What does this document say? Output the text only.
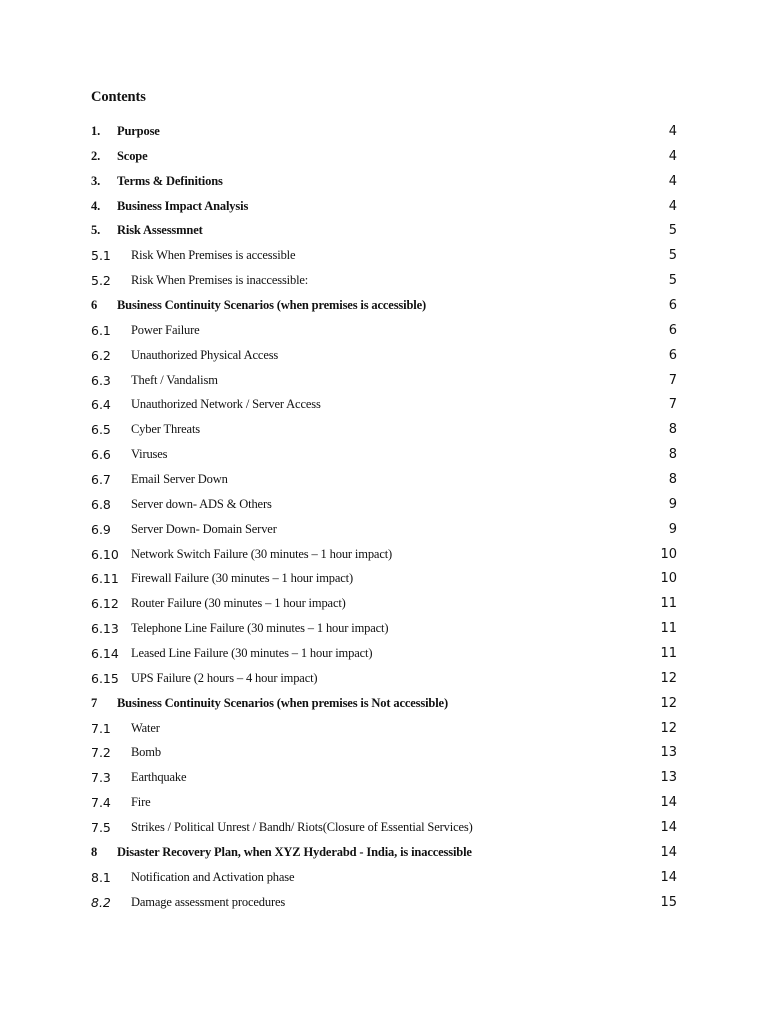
Contents
1. Purpose	4
2. Scope	4
3. Terms & Definitions	4
4. Business Impact Analysis	4
5. Risk Assessmnet	5
5.1 Risk When Premises is accessible	5
5.2 Risk When Premises is inaccessible:	5
6 Business Continuity Scenarios (when premises is accessible)	6
6.1 Power Failure	6
6.2 Unauthorized Physical Access	6
6.3 Theft / Vandalism	7
6.4 Unauthorized Network / Server Access	7
6.5 Cyber Threats	8
6.6 Viruses	8
6.7 Email Server Down	8
6.8 Server down- ADS & Others	9
6.9 Server Down- Domain Server	9
6.10 Network Switch Failure (30 minutes – 1 hour impact)	10
6.11 Firewall Failure (30 minutes – 1 hour impact)	10
6.12 Router Failure (30 minutes – 1 hour impact)	11
6.13 Telephone Line Failure (30 minutes – 1 hour impact)	11
6.14 Leased Line Failure (30 minutes – 1 hour impact)	11
6.15 UPS Failure (2 hours – 4 hour impact)	12
7 Business Continuity Scenarios (when premises is Not accessible)	12
7.1 Water	12
7.2 Bomb	13
7.3 Earthquake	13
7.4 Fire	14
7.5 Strikes / Political Unrest / Bandh/ Riots(Closure of Essential Services)	14
8 Disaster Recovery Plan, when XYZ Hyderabd - India, is inaccessible	14
8.1 Notification and Activation phase	14
8.2 Damage assessment procedures	15
